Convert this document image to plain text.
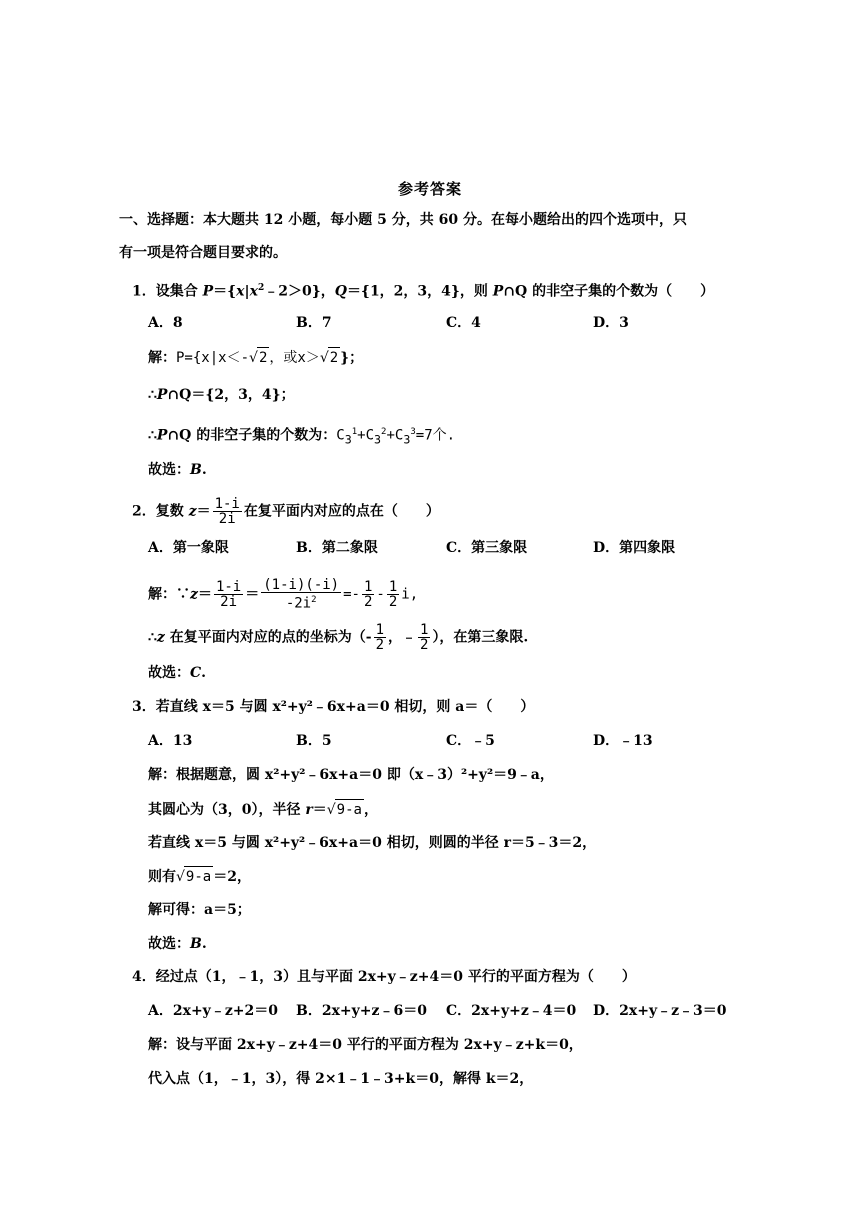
参考答案
一、选择题：本大题共 12 小题，每小题 5 分，共 60 分。在每小题给出的四个选项中，只
有一项是符合题目要求的。
1．设集合 $P=\{x|x^2﹣2>0\}$，Q＝{1，2，3，4}，则 P∩Q 的非空子集的个数为（　　）
A．8	B．7	C．4	D．3
解：P={x|x＜-√2 ，或x＞√2 }；
∴P∩Q＝{2，3，4}；
∴P∩Q 的非空子集的个数为：$C_3^1+C_3^2+C_3^3=7$个.
故选：B.
2．复数 $z= \frac{1-i}{2i}$ 在复平面内对应的点在（　　）
A．第一象限	B．第二象限	C．第三象限	D．第四象限
解：∵z＝ $\frac{1-i}{2i} = \frac{(1-i)(-i)}{-2i^2} =- \frac{1}{2} - \frac{1}{2} i$,
∴z 在复平面内对应的点的坐标为（- $\frac{1}{2}$ ，﹣ $\frac{1}{2}$ ），在第三象限.
故选：C.
3．若直线 x＝5 与圆 x²+y²﹣6x+a＝0 相切，则 a＝（　　）
A．13	B．5	C．﹣5	D．﹣13
解：根据题意，圆 x²+y²﹣6x+a＝0 即（x﹣3）²+y²＝9﹣a，
其圆心为（3，0），半径 r＝√9-a ，
若直线 x＝5 与圆 x²+y²﹣6x+a＝0 相切，则圆的半径 r＝5﹣3＝2，
则有√9-a ＝2，
解可得：a＝5；
故选：B.
4．经过点（1，﹣1，3）且与平面 2x+y﹣z+4＝0 平行的平面方程为（　　）
A．2x+y﹣z+2＝0 B．2x+y+z﹣6＝0 C．2x+y+z﹣4＝0 D．2x+y﹣z﹣3＝0
解：设与平面 2x+y﹣z+4＝0 平行的平面方程为 2x+y﹣z+k＝0，
代入点（1，﹣1，3），得 2×1﹣1﹣3+k＝0，解得 k＝2，
